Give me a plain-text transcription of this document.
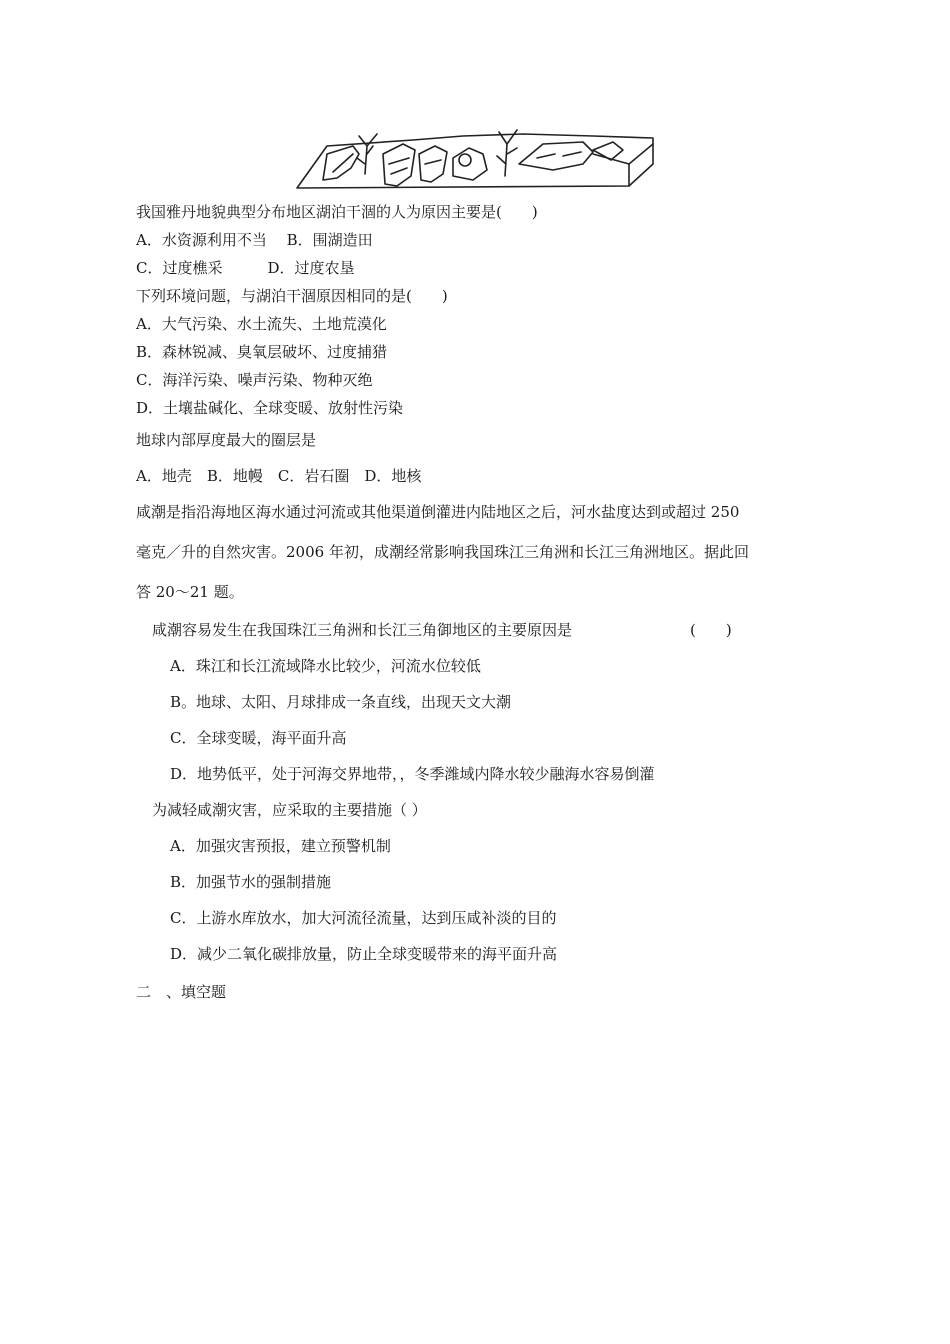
我国雅丹地貌典型分布地区湖泊干涸的人为原因主要是(　　)
A．水资源利用不当　 B．围湖造田
C．过度樵采　　　D．过度农垦
下列环境问题，与湖泊干涸原因相同的是(　　)
A．大气污染、水土流失、土地荒漠化
B．森林锐减、臭氧层破坏、过度捕猎
C．海洋污染、噪声污染、物种灭绝
D．土壤盐碱化、全球变暖、放射性污染
地球内部厚度最大的圈层是
A．地壳　B．地幔　C．岩石圈　D．地核
咸潮是指沿海地区海水通过河流或其他渠道倒灌进内陆地区之后，河水盐度达到或超过 250
毫克／升的自然灾害。2006 年初，成潮经常影响我国珠江三角洲和长江三角洲地区。据此回
答 20～21 题。
咸潮容易发生在我国珠江三角洲和长江三角御地区的主要原因是	(　　)
A．珠江和长江流域降水比较少，河流水位较低
B。地球、太阳、月球排成一条直线，出现天文大潮
C．全球变暖，海平面升高
D．地势低平，处于河海交界地带，，冬季潍域内降水较少融海水容易倒灌
为减轻咸潮灾害，应采取的主要措施（ ）
A．加强灾害预报，建立预警机制
B．加强节水的强制措施
C．上游水库放水，加大河流径流量，达到压咸补淡的目的
D．减少二氧化碳排放量，防止全球变暖带来的海平面升高
二　、填空题
